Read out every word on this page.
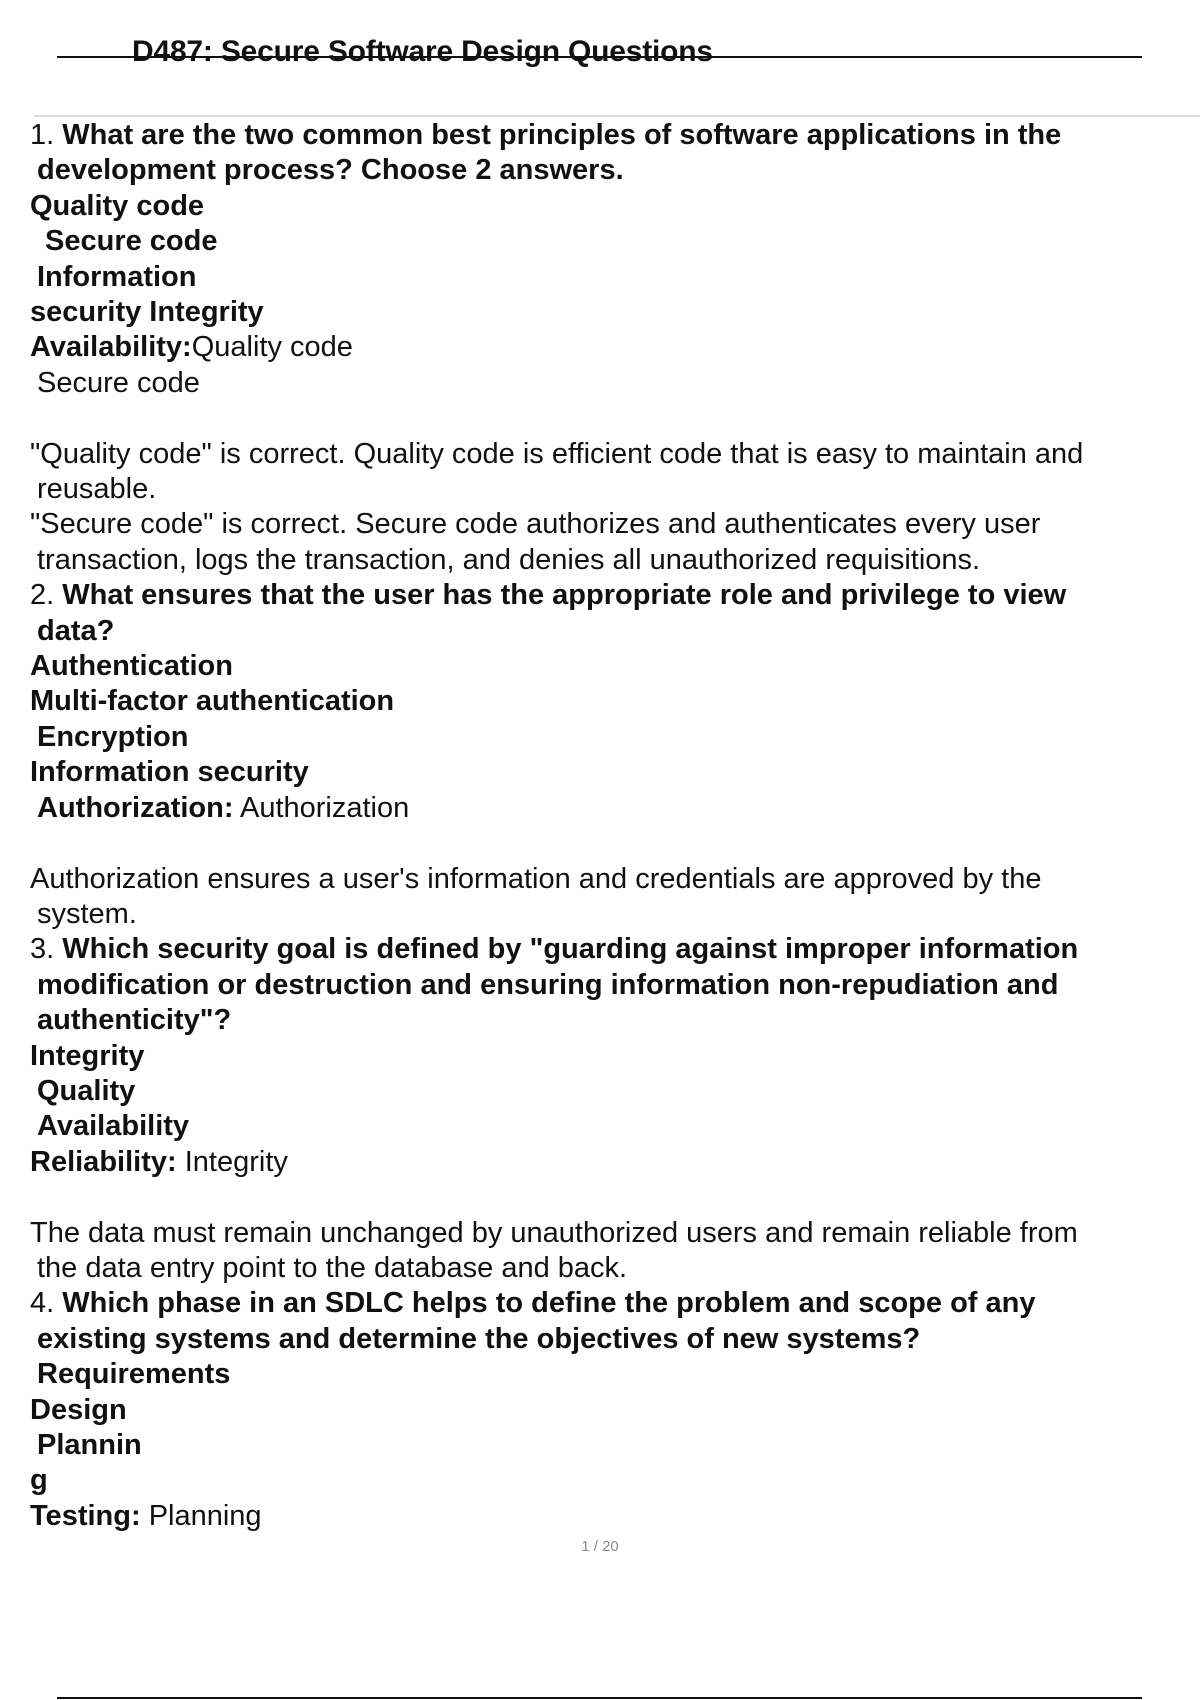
D487: Secure Software Design Questions
1. What are the two common best principles of software applications in the
development process? Choose 2 answers.
Quality code
Secure code
Information
security Integrity
Availability:Quality code
Secure code
"Quality code" is correct. Quality code is efficient code that is easy to maintain and
reusable.
"Secure code" is correct. Secure code authorizes and authenticates every user
transaction, logs the transaction, and denies all unauthorized requisitions.
2. What ensures that the user has the appropriate role and privilege to view
data?
Authentication
Multi-factor authentication
Encryption
Information security
Authorization: Authorization
Authorization ensures a user's information and credentials are approved by the
system.
3. Which security goal is defined by "guarding against improper information
modification or destruction and ensuring information non-repudiation and
authenticity"?
Integrity
Quality
Availability
Reliability: Integrity
The data must remain unchanged by unauthorized users and remain reliable from
the data entry point to the database and back.
4. Which phase in an SDLC helps to define the problem and scope of any
existing systems and determine the objectives of new systems?
Requirements
Design
Plannin
g
Testing: Planning
1 / 20
